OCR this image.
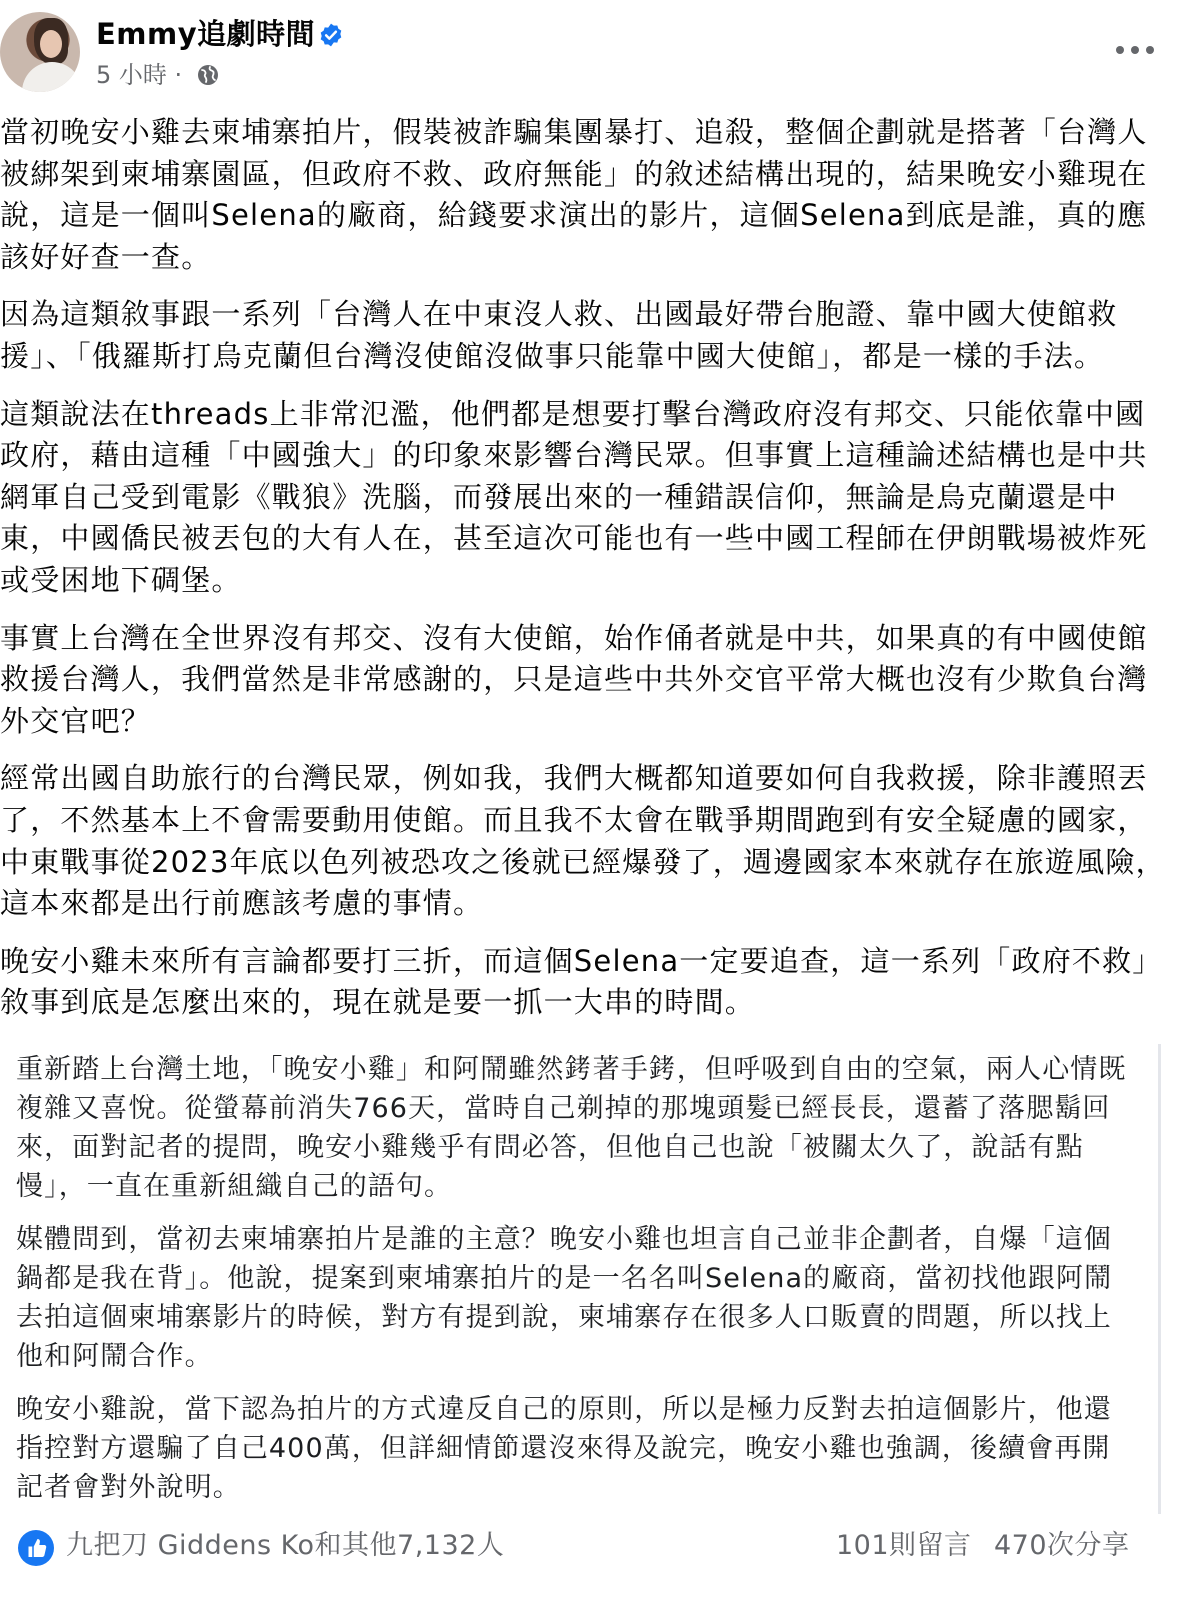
Emmy追劇時間
5 小時 ·

當初晚安小雞去柬埔寨拍片，假裝被詐騙集團暴打、追殺，整個企劃就是搭著「台灣人被綁架到柬埔寨園區，但政府不救、政府無能」的敘述結構出現的，結果晚安小雞現在說，這是一個叫Selena的廠商，給錢要求演出的影片，這個Selena到底是誰，真的應該好好查一查。

因為這類敘事跟一系列「台灣人在中東沒人救、出國最好帶台胞證、靠中國大使館救援」、「俄羅斯打烏克蘭但台灣沒使館沒做事只能靠中國大使館」，都是一樣的手法。

這類說法在threads上非常氾濫，他們都是想要打擊台灣政府沒有邦交、只能依靠中國政府，藉由這種「中國強大」的印象來影響台灣民眾。但事實上這種論述結構也是中共網軍自己受到電影《戰狼》洗腦，而發展出來的一種錯誤信仰，無論是烏克蘭還是中東，中國僑民被丟包的大有人在，甚至這次可能也有一些中國工程師在伊朗戰場被炸死或受困地下碉堡。

事實上台灣在全世界沒有邦交、沒有大使館，始作俑者就是中共，如果真的有中國使館救援台灣人，我們當然是非常感謝的，只是這些中共外交官平常大概也沒有少欺負台灣外交官吧？

經常出國自助旅行的台灣民眾，例如我，我們大概都知道要如何自我救援，除非護照丟了，不然基本上不會需要動用使館。而且我不太會在戰爭期間跑到有安全疑慮的國家，中東戰事從2023年底以色列被恐攻之後就已經爆發了，週邊國家本來就存在旅遊風險，這本來都是出行前應該考慮的事情。

晚安小雞未來所有言論都要打三折，而這個Selena一定要追查，這一系列「政府不救」敘事到底是怎麼出來的，現在就是要一抓一大串的時間。

重新踏上台灣土地，「晚安小雞」和阿鬧雖然銬著手銬，但呼吸到自由的空氣，兩人心情既複雜又喜悅。從螢幕前消失766天，當時自己剃掉的那塊頭髮已經長長，還蓄了落腮鬍回來，面對記者的提問，晚安小雞幾乎有問必答，但他自己也說「被關太久了，說話有點慢」，一直在重新組織自己的語句。

媒體問到，當初去柬埔寨拍片是誰的主意？晚安小雞也坦言自己並非企劃者，自爆「這個鍋都是我在背」。他說，提案到柬埔寨拍片的是一名名叫Selena的廠商，當初找他跟阿鬧去拍這個柬埔寨影片的時候，對方有提到說，柬埔寨存在很多人口販賣的問題，所以找上他和阿鬧合作。

晚安小雞說，當下認為拍片的方式違反自己的原則，所以是極力反對去拍這個影片，他還指控對方還騙了自己400萬，但詳細情節還沒來得及說完，晚安小雞也強調，後續會再開記者會對外說明。

九把刀 Giddens Ko和其他7,132人	101則留言 470次分享
